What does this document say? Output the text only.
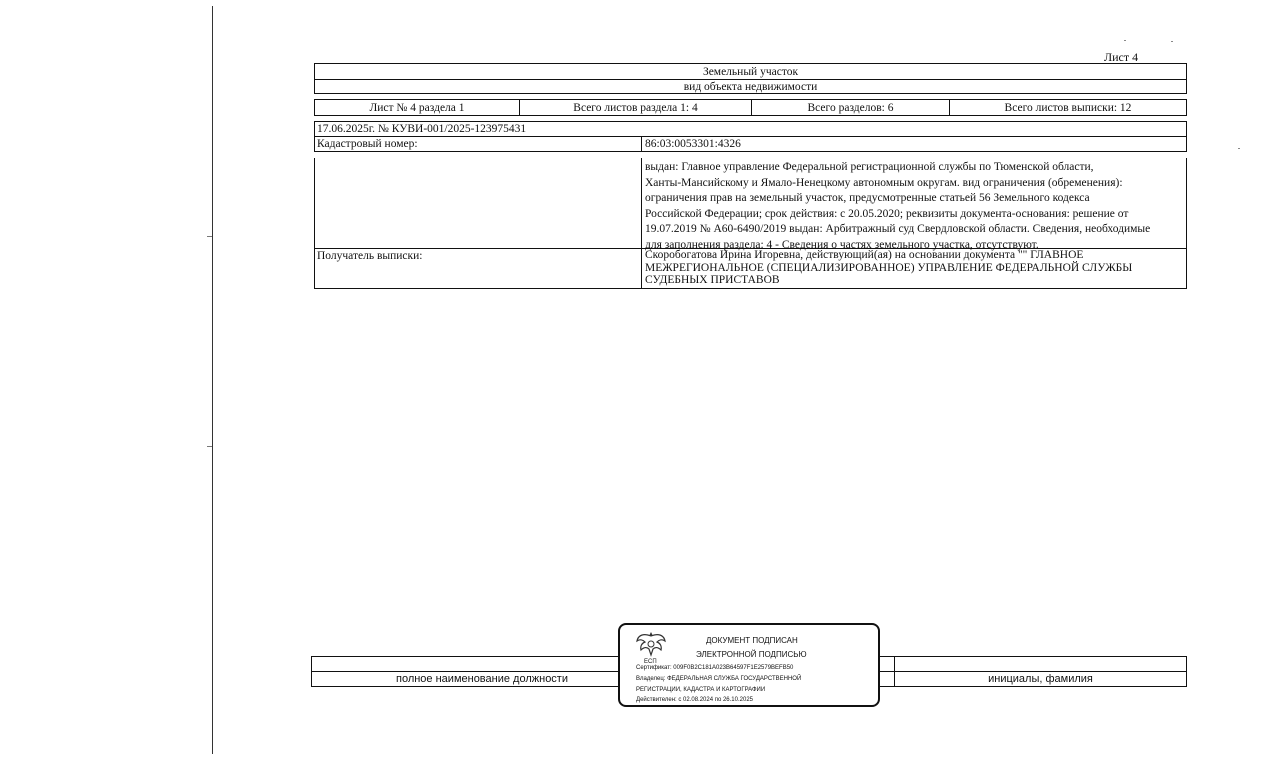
Лист 4
Земельный участок
вид объекта недвижимости
Лист № 4 раздела 1	Всего листов раздела 1: 4	Всего разделов: 6	Всего листов выписки: 12
17.06.2025г. № КУВИ-001/2025-123975431
Кадастровый номер:	86:03:0053301:4326
выдан: Главное управление Федеральной регистрационной службы по Тюменской области,
Ханты-Мансийскому и Ямало-Ненецкому автономным округам. вид ограничения (обременения):
ограничения прав на земельный участок, предусмотренные статьей 56 Земельного кодекса
Российской Федерации; срок действия: с 20.05.2020; реквизиты документа-основания: решение от
19.07.2019 № А60-6490/2019 выдан: Арбитражный суд Свердловской области. Сведения, необходимые
для заполнения раздела: 4 - Сведения о частях земельного участка, отсутствуют.
Получатель выписки:	Скоробогатова Ирина Игоревна, действующий(ая) на основании документа "" ГЛАВНОЕ
МЕЖРЕГИОНАЛЬНОЕ (СПЕЦИАЛИЗИРОВАННОЕ) УПРАВЛЕНИЕ ФЕДЕРАЛЬНОЙ СЛУЖБЫ
СУДЕБНЫХ ПРИСТАВОВ
полное наименование должности	инициалы, фамилия
ЕСП
ДОКУМЕНТ ПОДПИСАН
ЭЛЕКТРОННОЙ ПОДПИСЬЮ
Сертификат: 009F0B2C181A023B64597F1E2579BEFB50
Владелец: ФЕДЕРАЛЬНАЯ СЛУЖБА ГОСУДАРСТВЕННОЙ
РЕГИСТРАЦИИ, КАДАСТРА И КАРТОГРАФИИ
Действителен: с 02.08.2024 по 26.10.2025
